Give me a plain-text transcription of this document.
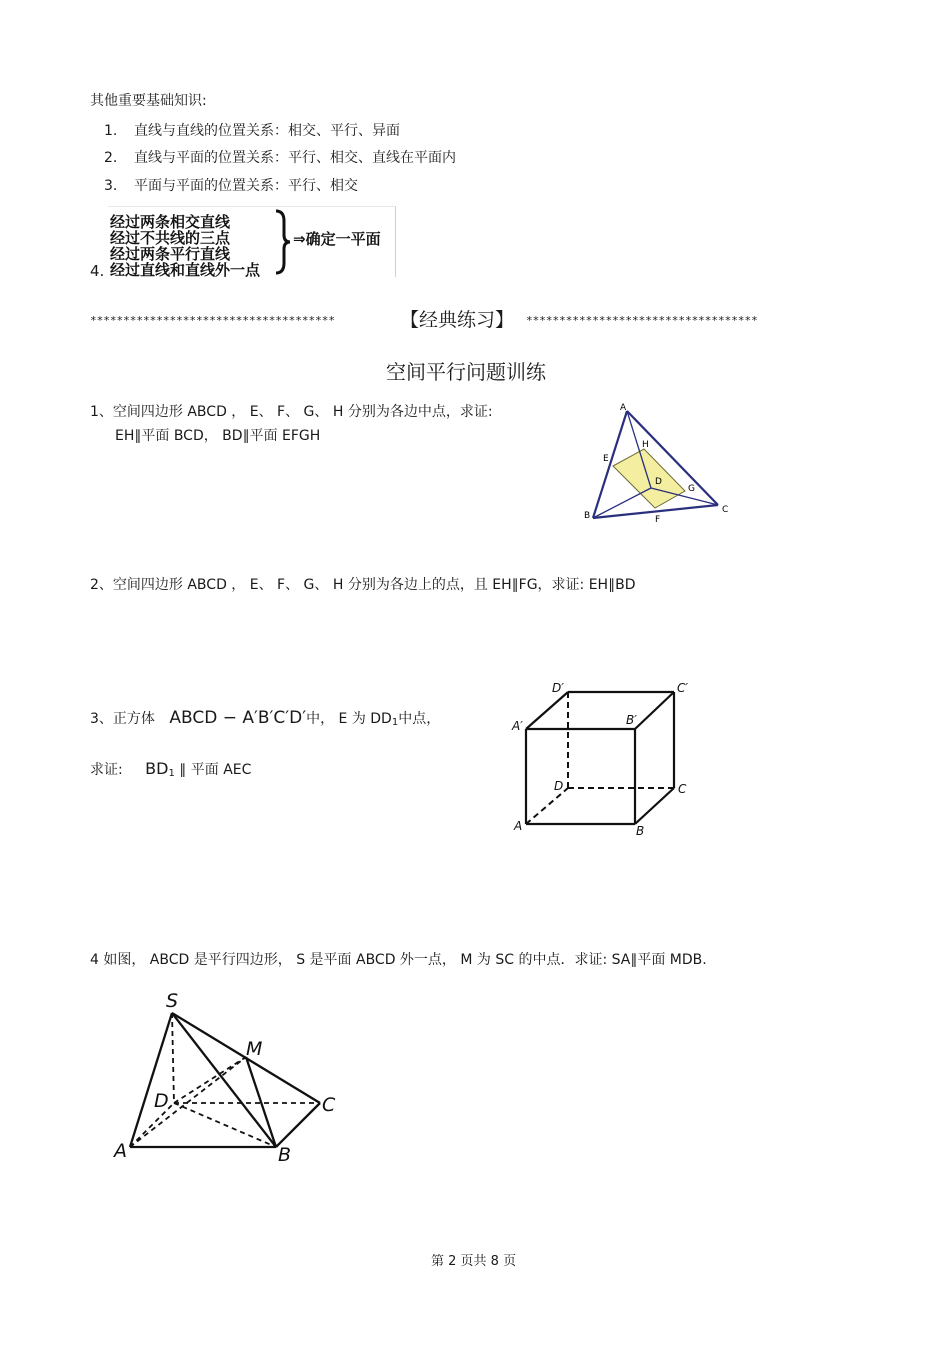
其他重要基础知识:
1. 直线与直线的位置关系：相交、平行、异面
2. 直线与平面的位置关系：平行、相交、直线在平面内
3. 平面与平面的位置关系：平行、相交
4.
经过两条相交直线
经过不共线的三点
经过两条平行直线
经过直线和直线外一点
⇒确定一平面
*************************************	【经典练习】 ***********************************
空间平行问题训练
1、空间四边形 ABCD ， E、 F、 G、 H 分别为各边中点，求证:
EH∥平面 BCD， BD∥平面 EFGH
A
H
E
D
G
B	F
C
2、空间四边形 ABCD ， E、 F、 G、 H 分别为各边上的点，且 EH∥FG，求证: EH∥BD
3、正方体 ABCD − A′B′C′D′中， E 为 $DD_1$中点，
求证: $BD_1$ ∥ 平面 AEC
D′	C′
A′	B′
D	C
A	B
4 如图， ABCD 是平行四边形， S 是平面 ABCD 外一点， M 为 SC 的中点．求证: SA∥平面 MDB.
S
M
D	C
A	B
第 2 页共 8 页
